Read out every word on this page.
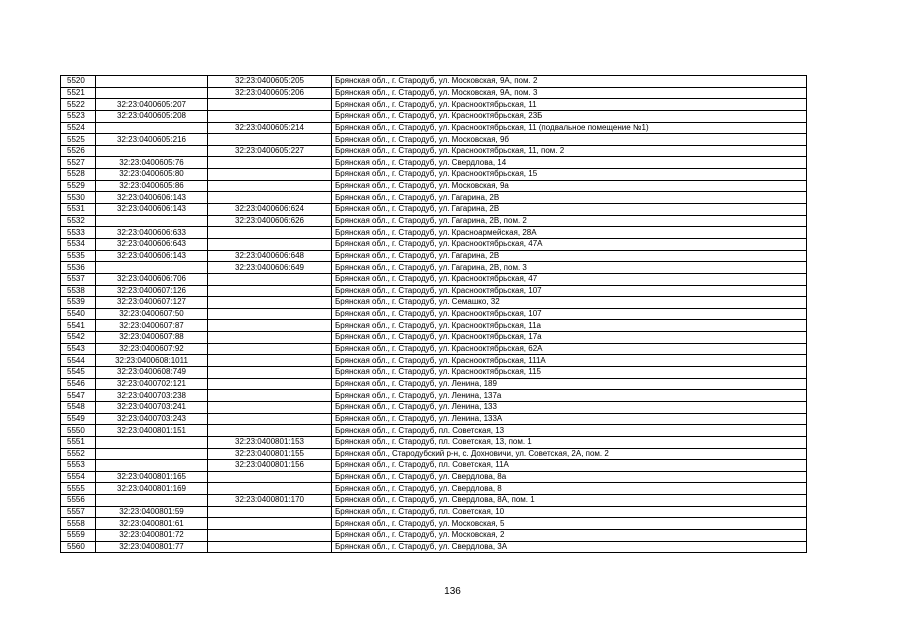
5520		32:23:0400605:205	Брянская обл., г. Стародуб, ул. Московская, 9А, пом. 2
5521		32:23:0400605:206	Брянская обл., г. Стародуб, ул. Московская, 9А, пом. 3
5522	32:23:0400605:207		Брянская обл., г. Стародуб, ул. Краснооктябрьская, 11
5523	32:23:0400605:208		Брянская обл., г. Стародуб, ул. Краснооктябрьская, 23Б
5524		32:23:0400605:214	Брянская обл., г. Стародуб, ул. Краснооктябрьская, 11 (подвальное помещение №1)
5525	32:23:0400605:216		Брянская обл., г. Стародуб, ул. Московская, 9б
5526		32:23:0400605:227	Брянская обл., г. Стародуб, ул. Краснооктябрьская, 11, пом. 2
5527	32:23:0400605:76		Брянская обл., г. Стародуб, ул. Свердлова, 14
5528	32:23:0400605:80		Брянская обл., г. Стародуб, ул. Краснооктябрьская, 15
5529	32:23:0400605:86		Брянская обл., г. Стародуб, ул. Московская, 9а
5530	32:23:0400606:143		Брянская обл., г. Стародуб, ул. Гагарина, 2В
5531	32:23:0400606:143	32:23:0400606:624	Брянская обл., г. Стародуб, ул. Гагарина, 2В
5532		32:23:0400606:626	Брянская обл., г. Стародуб, ул. Гагарина, 2В, пом. 2
5533	32:23:0400606:633		Брянская обл., г. Стародуб, ул. Красноармейская, 28А
5534	32:23:0400606:643		Брянская обл., г. Стародуб, ул. Краснооктябрьская, 47А
5535	32:23:0400606:143	32:23:0400606:648	Брянская обл., г. Стародуб, ул. Гагарина, 2В
5536		32:23:0400606:649	Брянская обл., г. Стародуб, ул. Гагарина, 2В, пом. 3
5537	32:23:0400606:706		Брянская обл., г. Стародуб, ул. Краснооктябрьская, 47
5538	32:23:0400607:126		Брянская обл., г. Стародуб, ул. Краснооктябрьская, 107
5539	32:23:0400607:127		Брянская обл., г. Стародуб, ул. Семашко, 32
5540	32:23:0400607:50		Брянская обл., г. Стародуб, ул. Краснооктябрьская, 107
5541	32:23:0400607:87		Брянская обл., г. Стародуб, ул. Краснооктябрьская, 11а
5542	32:23:0400607:88		Брянская обл., г. Стародуб, ул. Краснооктябрьская, 17а
5543	32:23:0400607:92		Брянская обл., г. Стародуб, ул. Краснооктябрьская, 62А
5544	32:23:0400608:1011		Брянская обл., г. Стародуб, ул. Краснооктябрьская, 111А
5545	32:23:0400608:749		Брянская обл., г. Стародуб, ул. Краснооктябрьская, 115
5546	32:23:0400702:121		Брянская обл., г. Стародуб, ул. Ленина, 189
5547	32:23:0400703:238		Брянская обл., г. Стародуб, ул. Ленина, 137а
5548	32:23:0400703:241		Брянская обл., г. Стародуб, ул. Ленина, 133
5549	32:23:0400703:243		Брянская обл., г. Стародуб, ул. Ленина, 133А
5550	32:23:0400801:151		Брянская обл., г. Стародуб, пл. Советская, 13
5551		32:23:0400801:153	Брянская обл., г. Стародуб, пл. Советская, 13, пом. 1
5552		32:23:0400801:155	Брянская обл., Стародубский р-н, с. Дохновичи, ул. Советская, 2А, пом. 2
5553		32:23:0400801:156	Брянская обл., г. Стародуб, пл. Советская, 11А
5554	32:23:0400801:165		Брянская обл., г. Стародуб, ул. Свердлова, 8а
5555	32:23:0400801:169		Брянская обл., г. Стародуб, ул. Свердлова, 8
5556		32:23:0400801:170	Брянская обл., г. Стародуб, ул. Свердлова, 8А, пом. 1
5557	32:23:0400801:59		Брянская обл., г. Стародуб, пл. Советская, 10
5558	32:23:0400801:61		Брянская обл., г. Стародуб, ул. Московская, 5
5559	32:23:0400801:72		Брянская обл., г. Стародуб, ул. Московская, 2
5560	32:23:0400801:77		Брянская обл., г. Стародуб, ул. Свердлова, 3А
136
